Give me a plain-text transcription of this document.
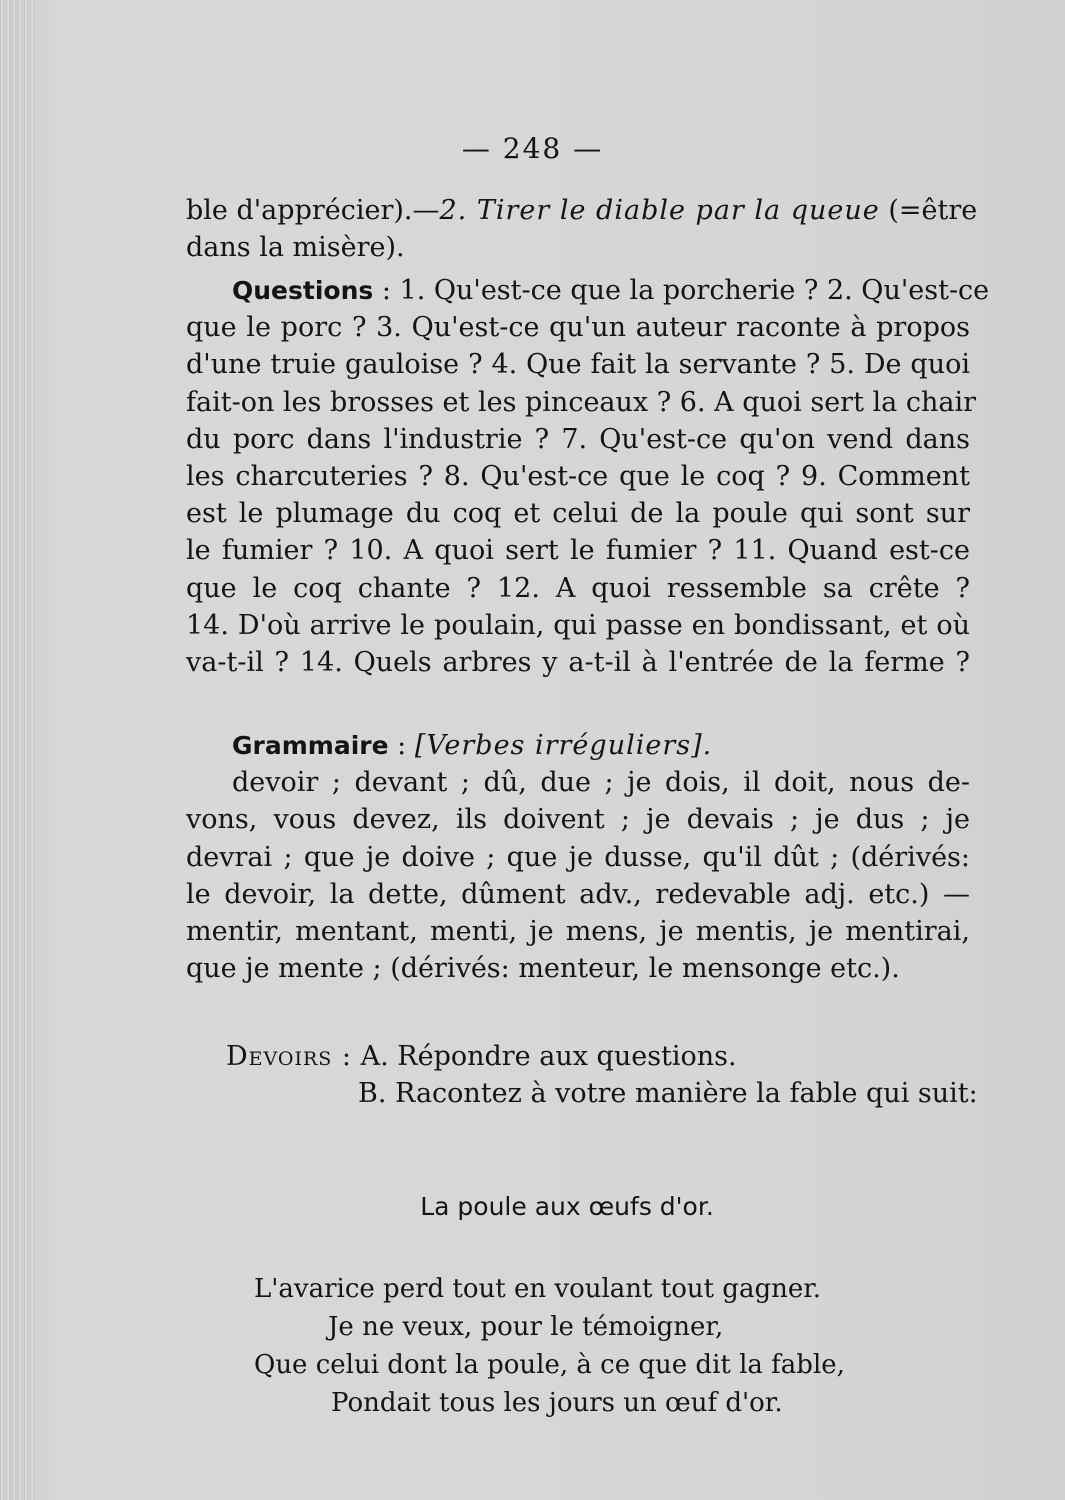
— 248 —
ble d'apprécier).—2. Tirer le diable par la queue (=être
dans la misère).
Questions : 1. Qu'est-ce que la porcherie ? 2. Qu'est-ce
que le porc ? 3. Qu'est-ce qu'un auteur raconte à propos
d'une truie gauloise ? 4. Que fait la servante ? 5. De quoi
fait-on les brosses et les pinceaux ? 6. A quoi sert la chair
du porc dans l'industrie ? 7. Qu'est-ce qu'on vend dans
les charcuteries ? 8. Qu'est-ce que le coq ? 9. Comment
est le plumage du coq et celui de la poule qui sont sur
le fumier ? 10. A quoi sert le fumier ? 11. Quand est-ce
que le coq chante ? 12. A quoi ressemble sa crête ?
14. D'où arrive le poulain, qui passe en bondissant, et où
va-t-il ? 14. Quels arbres y a-t-il à l'entrée de la ferme ?
Grammaire : [Verbes irréguliers].
devoir ; devant ; dû, due ; je dois, il doit, nous de-
vons, vous devez, ils doivent ; je devais ; je dus ; je
devrai ; que je doive ; que je dusse, qu'il dût ; (dérivés:
le devoir, la dette, dûment adv., redevable adj. etc.) —
mentir, mentant, menti, je mens, je mentis, je mentirai,
que je mente ; (dérivés: menteur, le mensonge etc.).
Devoirs : A. Répondre aux questions.
B. Racontez à votre manière la fable qui suit:
La poule aux œufs d'or.
L'avarice perd tout en voulant tout gagner.
Je ne veux, pour le témoigner,
Que celui dont la poule, à ce que dit la fable,
Pondait tous les jours un œuf d'or.
